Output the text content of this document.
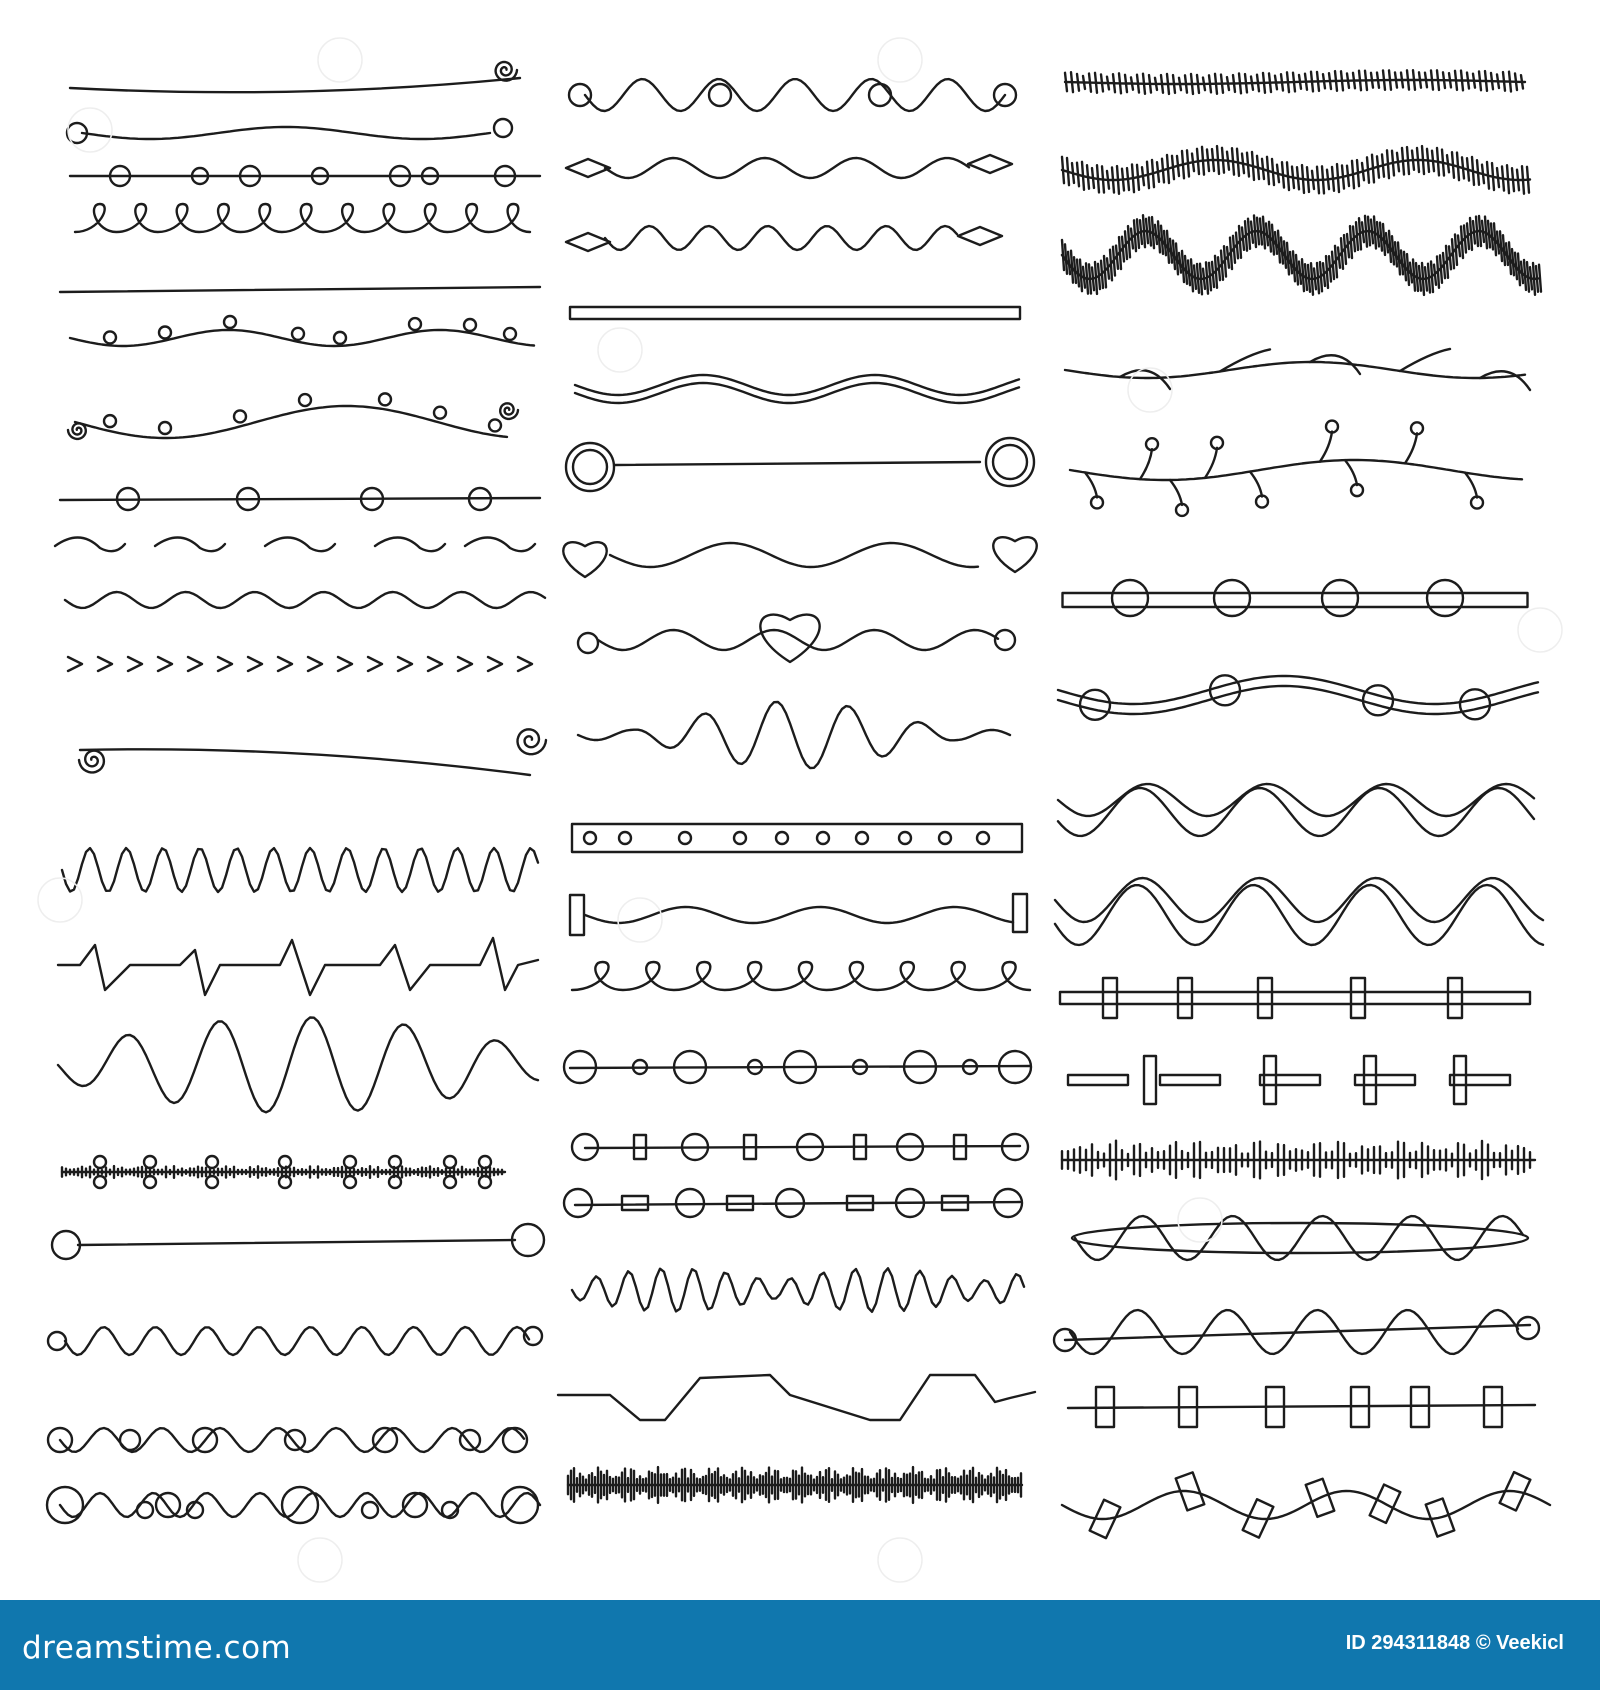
dreamstime.com	ID 294311848 © Veekicl
